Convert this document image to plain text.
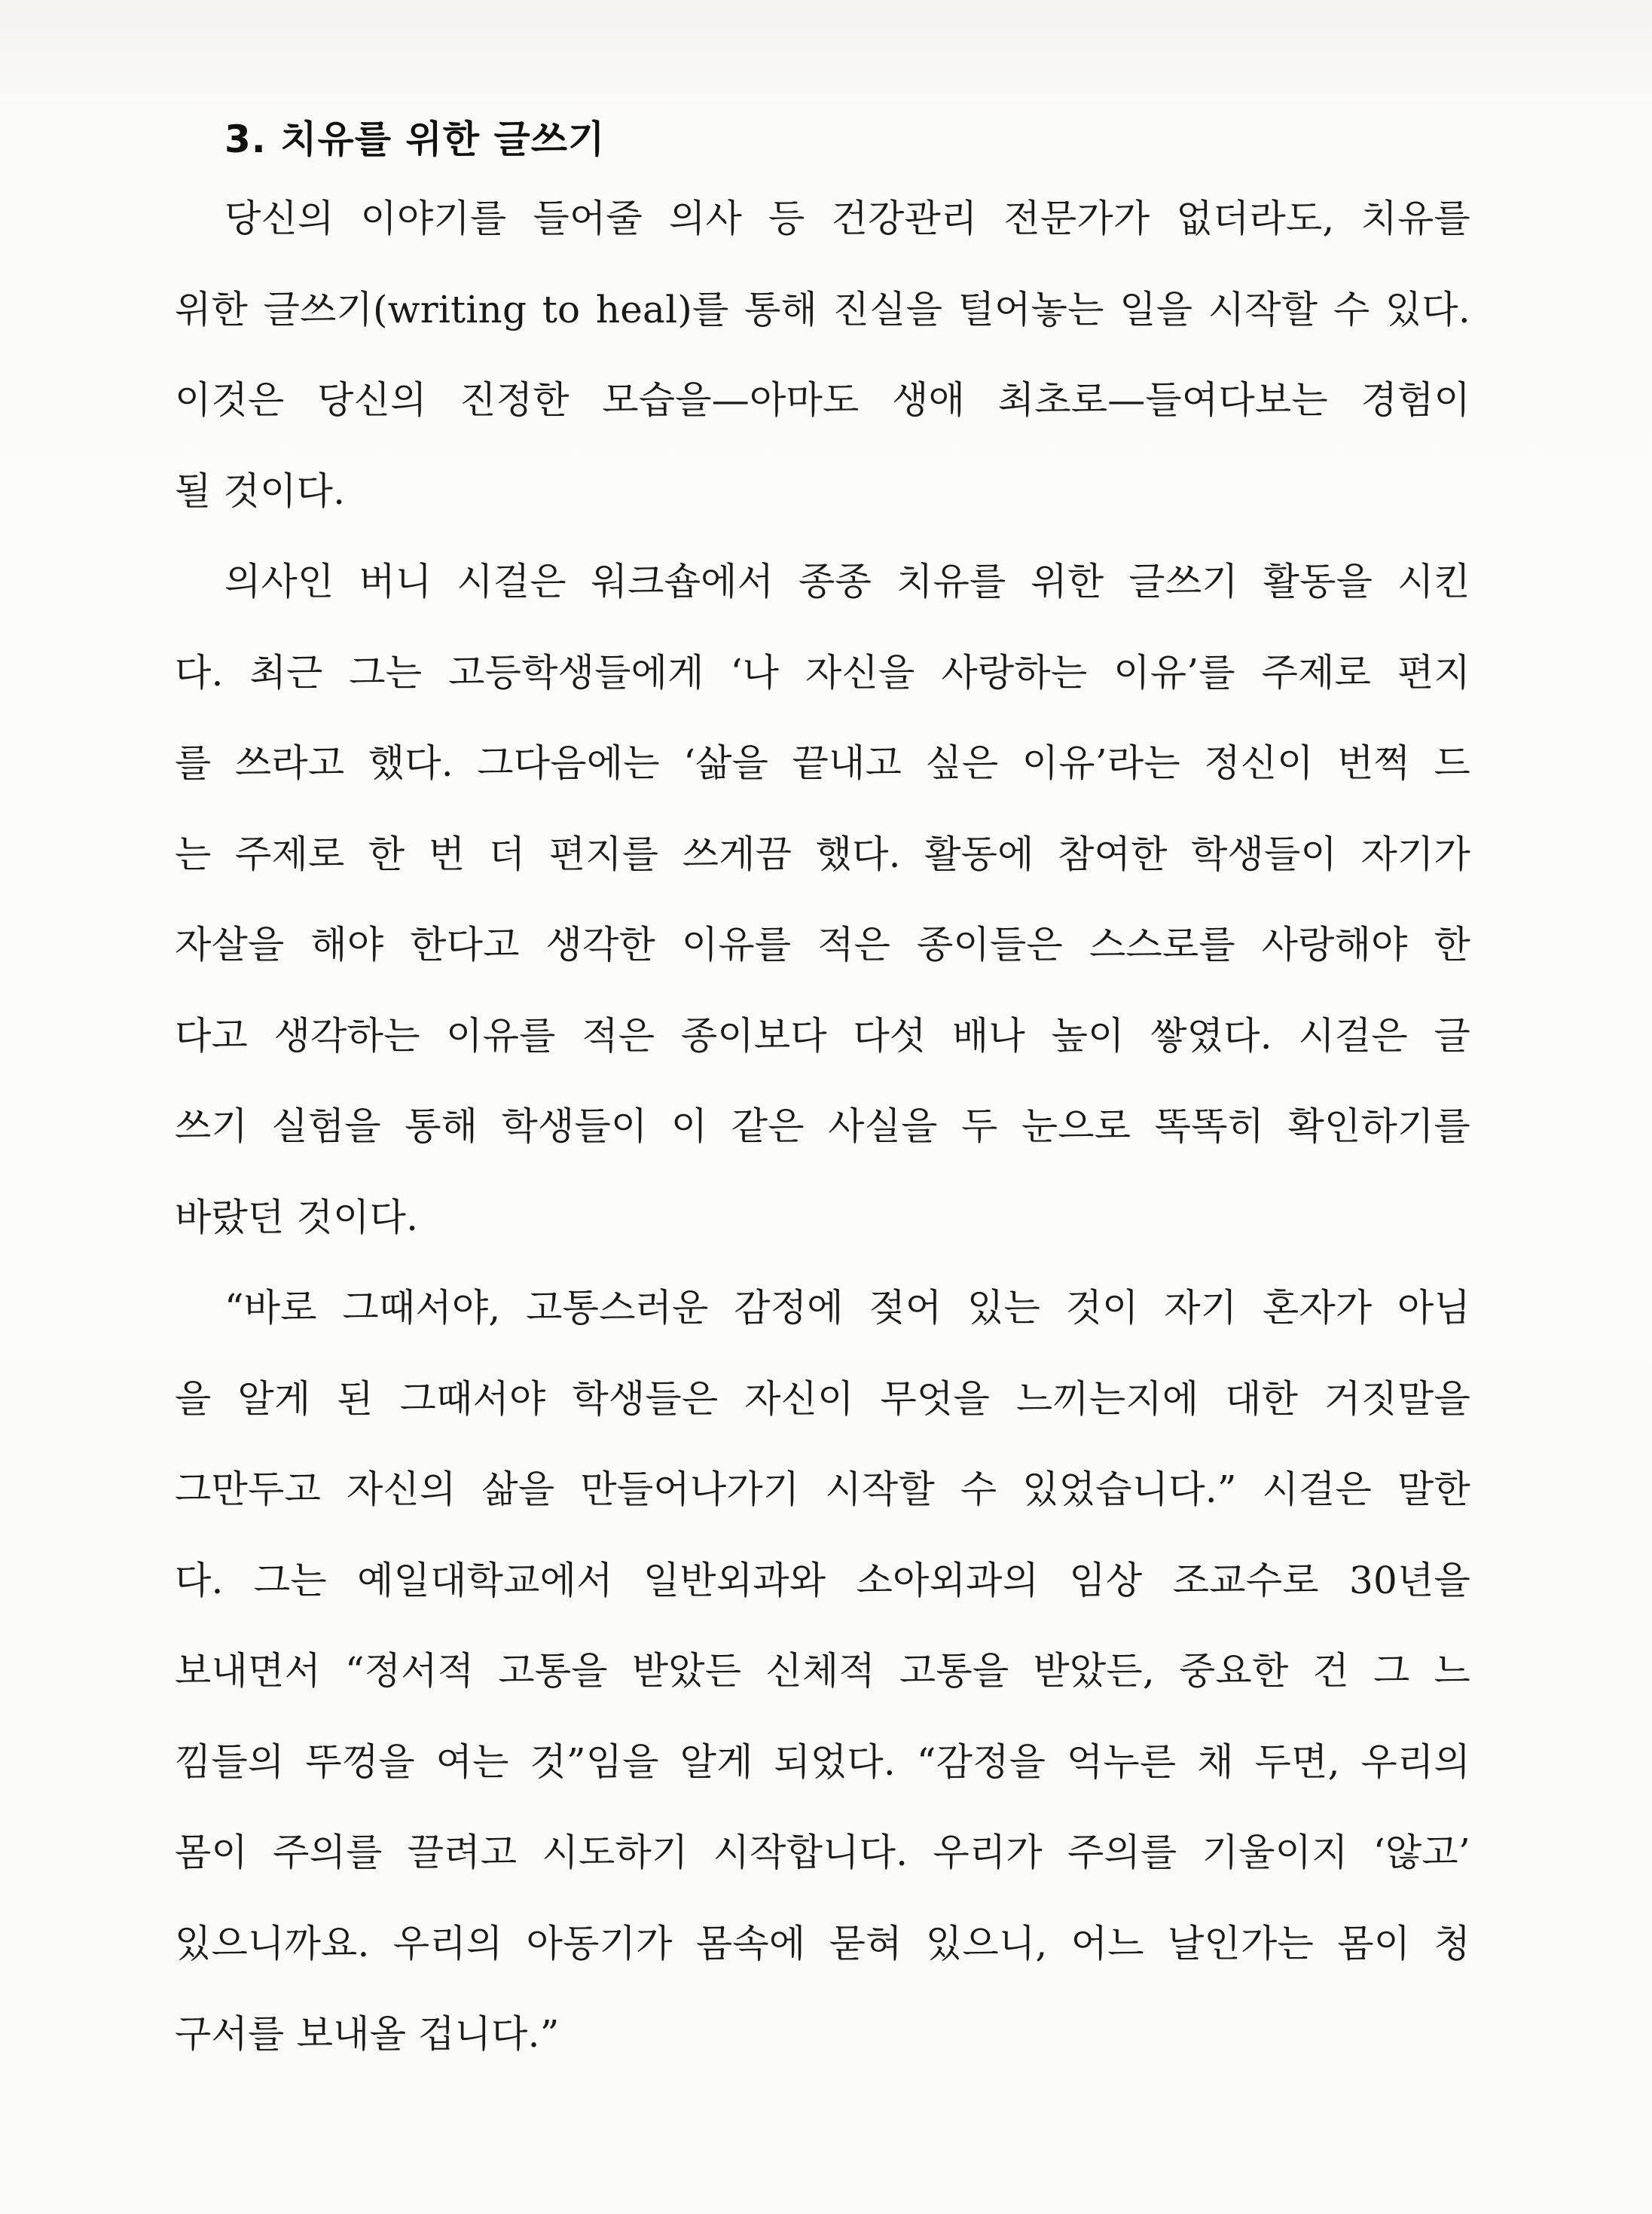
3. 치유를 위한 글쓰기

당신의 이야기를 들어줄 의사 등 건강관리 전문가가 없더라도, 치유를
위한 글쓰기(writing to heal)를 통해 진실을 털어놓는 일을 시작할 수 있다.
이것은 당신의 진정한 모습을—아마도 생애 최초로—들여다보는 경험이
될 것이다.

의사인 버니 시걸은 워크숍에서 종종 치유를 위한 글쓰기 활동을 시킨
다. 최근 그는 고등학생들에게 ‘나 자신을 사랑하는 이유’를 주제로 편지
를 쓰라고 했다. 그다음에는 ‘삶을 끝내고 싶은 이유’라는 정신이 번쩍 드
는 주제로 한 번 더 편지를 쓰게끔 했다. 활동에 참여한 학생들이 자기가
자살을 해야 한다고 생각한 이유를 적은 종이들은 스스로를 사랑해야 한
다고 생각하는 이유를 적은 종이보다 다섯 배나 높이 쌓였다. 시걸은 글
쓰기 실험을 통해 학생들이 이 같은 사실을 두 눈으로 똑똑히 확인하기를
바랐던 것이다.

“바로 그때서야, 고통스러운 감정에 젖어 있는 것이 자기 혼자가 아님
을 알게 된 그때서야 학생들은 자신이 무엇을 느끼는지에 대한 거짓말을
그만두고 자신의 삶을 만들어나가기 시작할 수 있었습니다.” 시걸은 말한
다. 그는 예일대학교에서 일반외과와 소아외과의 임상 조교수로 30년을
보내면서 “정서적 고통을 받았든 신체적 고통을 받았든, 중요한 건 그 느
낌들의 뚜껑을 여는 것”임을 알게 되었다. “감정을 억누른 채 두면, 우리의
몸이 주의를 끌려고 시도하기 시작합니다. 우리가 주의를 기울이지 ‘않고’
있으니까요. 우리의 아동기가 몸속에 묻혀 있으니, 어느 날인가는 몸이 청
구서를 보내올 겁니다.”
